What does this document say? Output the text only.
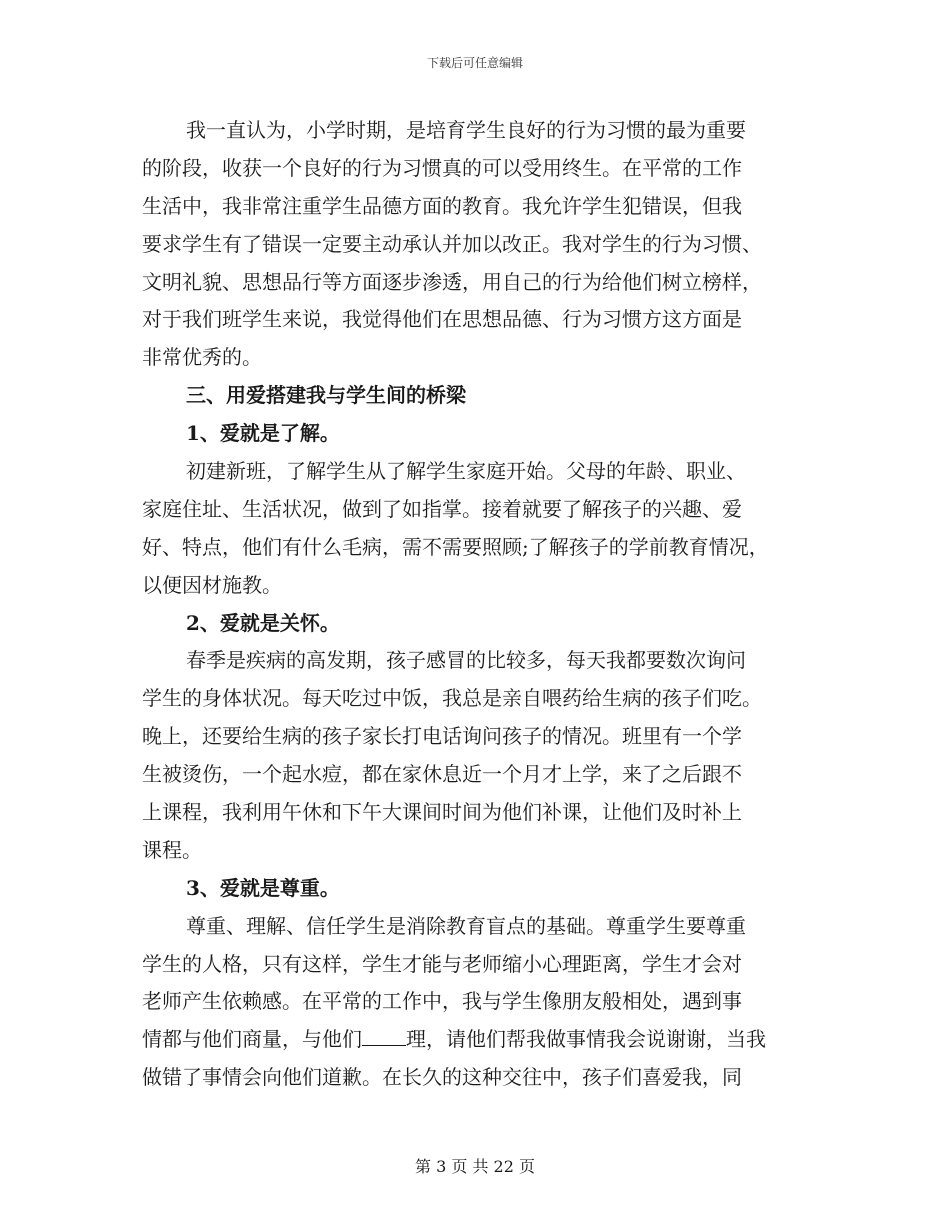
下载后可任意编辑
我一直认为，小学时期，是培育学生良好的行为习惯的最为重要
的阶段，收获一个良好的行为习惯真的可以受用终生。在平常的工作
生活中，我非常注重学生品德方面的教育。我允许学生犯错误，但我
要求学生有了错误一定要主动承认并加以改正。我对学生的行为习惯、
文明礼貌、思想品行等方面逐步渗透，用自己的行为给他们树立榜样，
对于我们班学生来说，我觉得他们在思想品德、行为习惯方这方面是
非常优秀的。
三、用爱搭建我与学生间的桥梁
1、爱就是了解。
初建新班，了解学生从了解学生家庭开始。父母的年龄、职业、
家庭住址、生活状况，做到了如指掌。接着就要了解孩子的兴趣、爱
好、特点，他们有什么毛病，需不需要照顾;了解孩子的学前教育情况，
以便因材施教。
2、爱就是关怀。
春季是疾病的高发期，孩子感冒的比较多，每天我都要数次询问
学生的身体状况。每天吃过中饭，我总是亲自喂药给生病的孩子们吃。
晚上，还要给生病的孩子家长打电话询问孩子的情况。班里有一个学
生被烫伤，一个起水痘，都在家休息近一个月才上学，来了之后跟不
上课程，我利用午休和下午大课间时间为他们补课，让他们及时补上
课程。
3、爱就是尊重。
尊重、理解、信任学生是消除教育盲点的基础。尊重学生要尊重
学生的人格，只有这样，学生才能与老师缩小心理距离，学生才会对
老师产生依赖感。在平常的工作中，我与学生像朋友般相处，遇到事
情都与他们商量，与他们 理，请他们帮我做事情我会说谢谢，当我
做错了事情会向他们道歉。在长久的这种交往中，孩子们喜爱我，同
第 3 页 共 22 页
